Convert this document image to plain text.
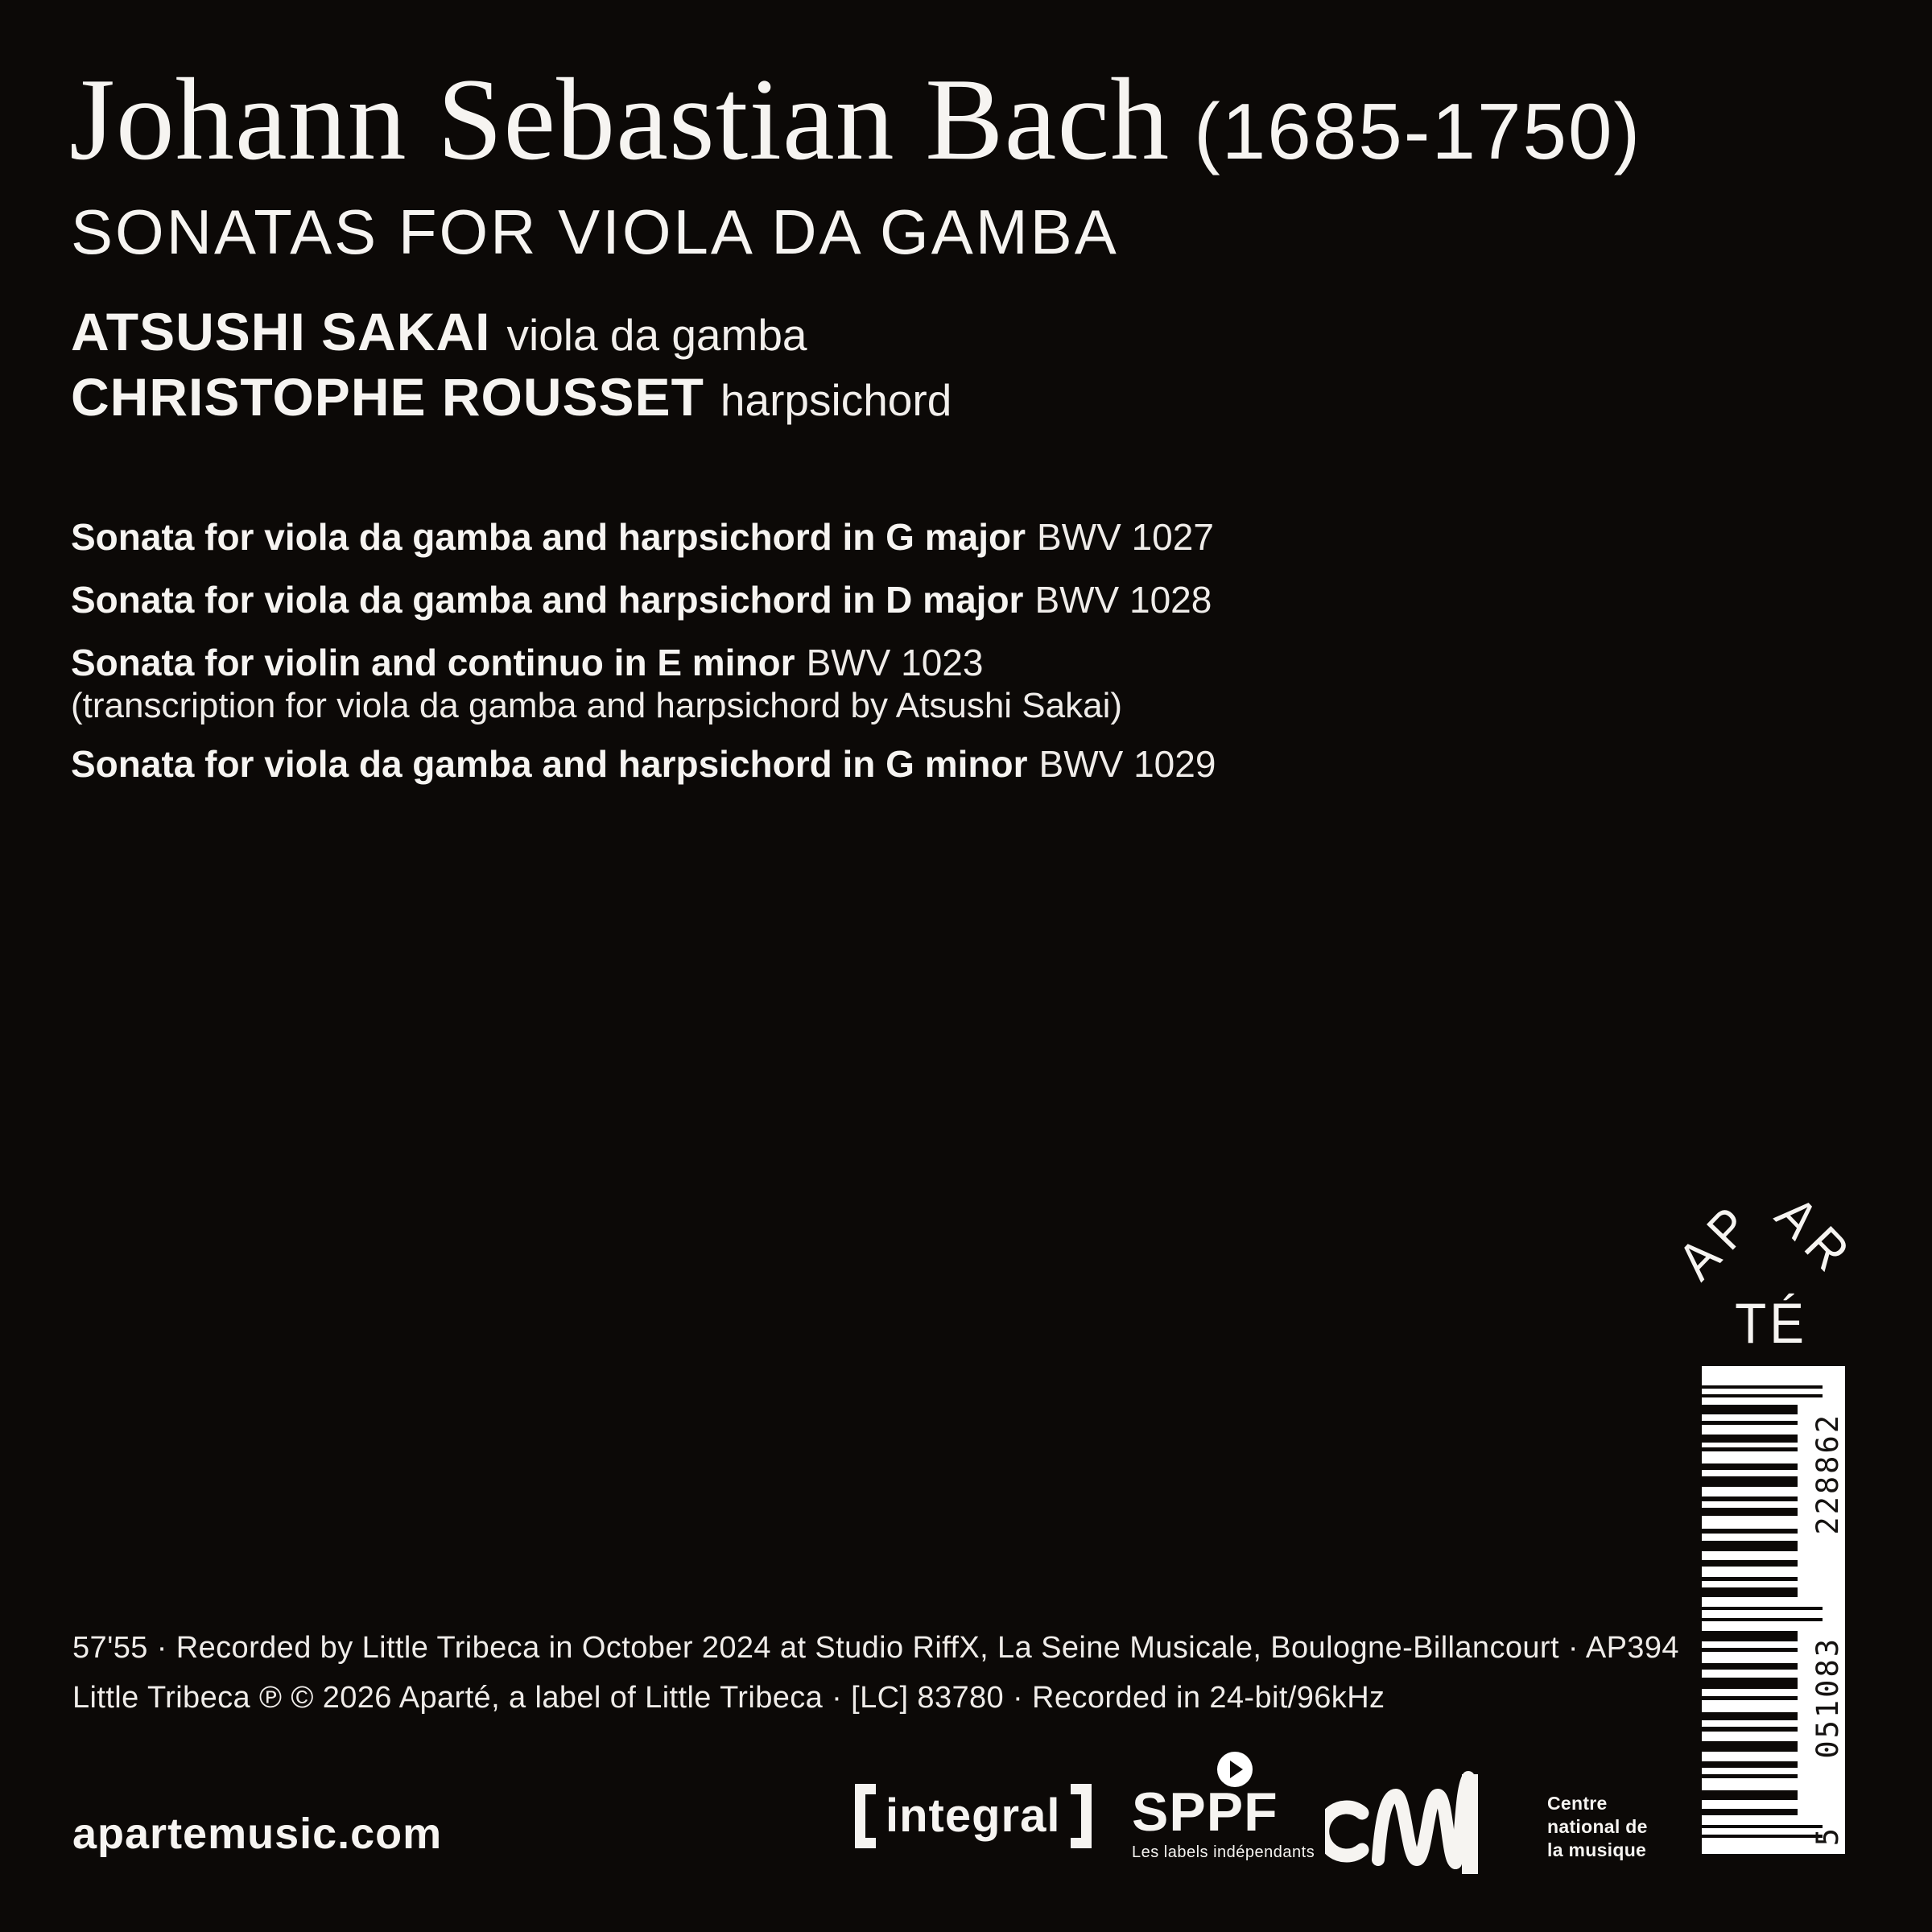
Johann Sebastian Bach (1685-1750)
SONATAS FOR VIOLA DA GAMBA
ATSUSHI SAKAI viola da gamba
CHRISTOPHE ROUSSET harpsichord
Sonata for viola da gamba and harpsichord in G major BWV 1027
Sonata for viola da gamba and harpsichord in D major BWV 1028
Sonata for violin and continuo in E minor BWV 1023
(transcription for viola da gamba and harpsichord by Atsushi Sakai)
Sonata for viola da gamba and harpsichord in G minor BWV 1029
AP
AR
TÉ
228862
051083
5
57'55 · Recorded by Little Tribeca in October 2024 at Studio RiffX, La Seine Musicale, Boulogne-Billancourt · AP394
Little Tribeca ℗ © 2026 Aparté, a label of Little Tribeca · [LC] 83780 · Recorded in 24-bit/96kHz
apartemusic.com	integral SPPF
Les labels indépendants
Centre
national de
la musique
